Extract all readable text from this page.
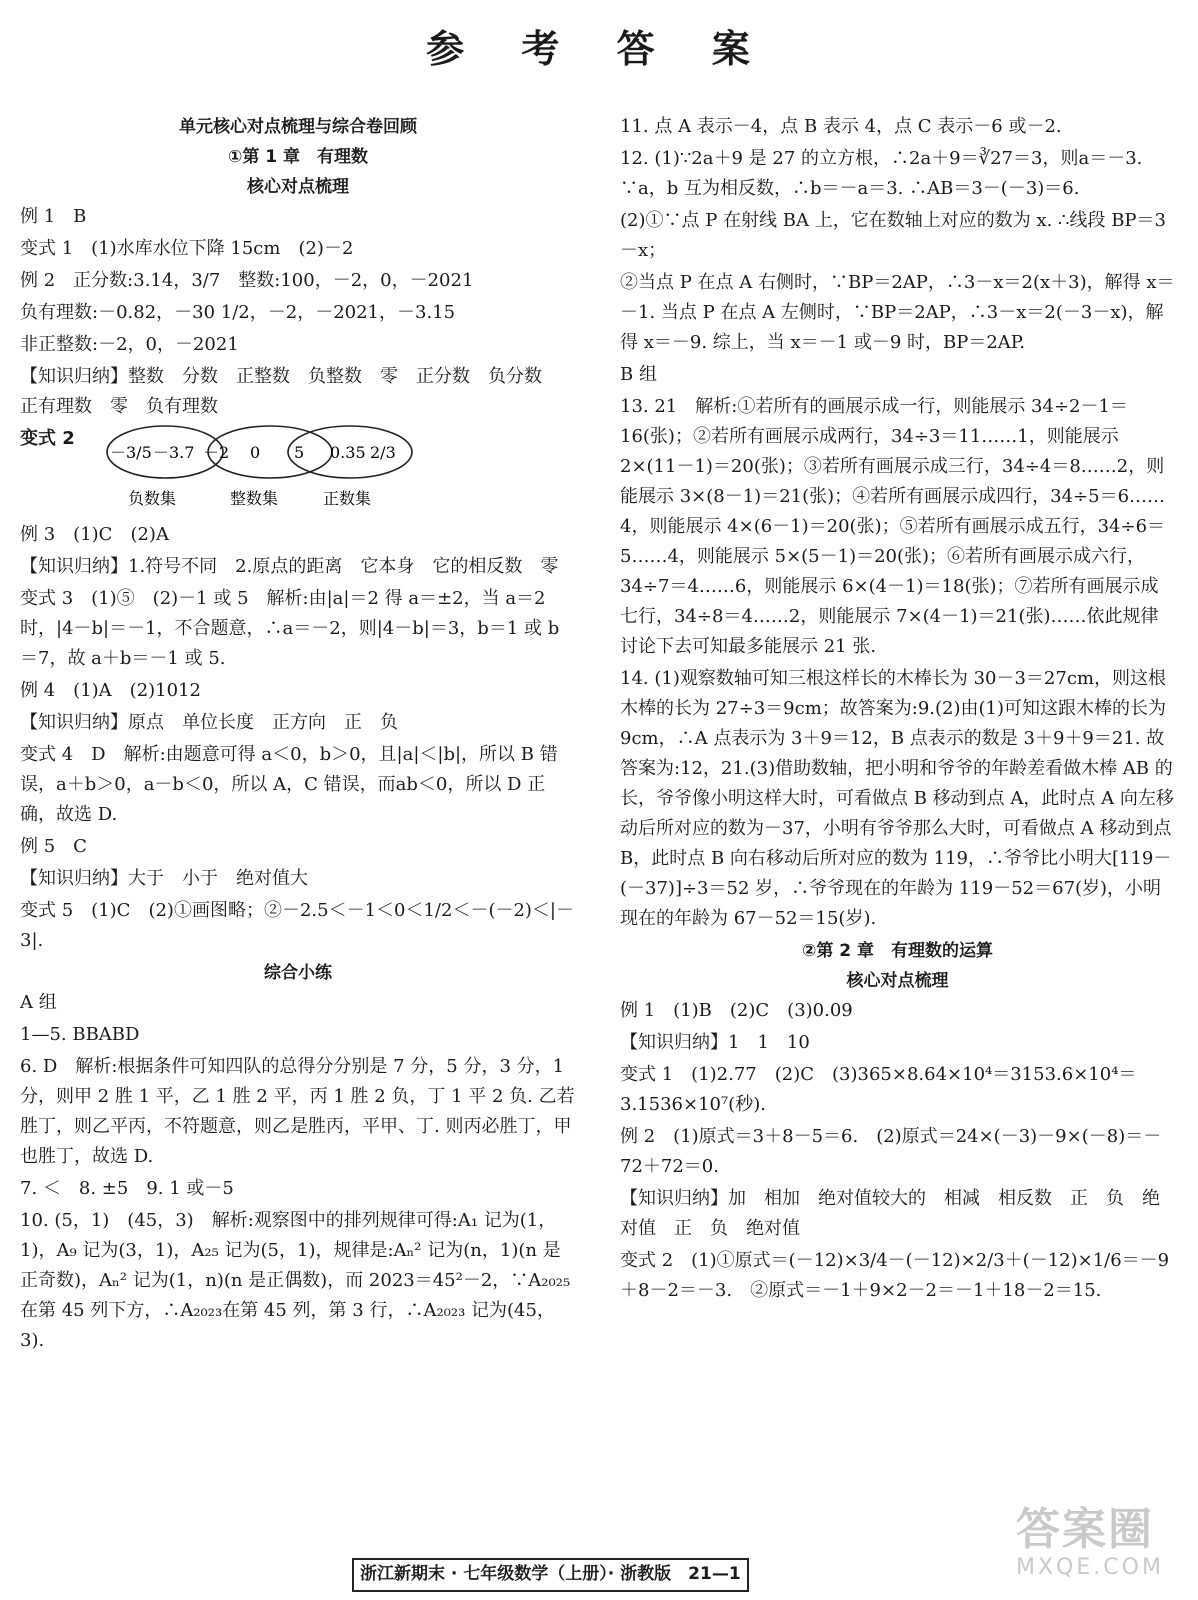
参 考 答 案
单元核心对点梳理与综合卷回顾
①第 1 章　有理数
核心对点梳理
例 1　B
变式 1　(1)水库水位下降 15cm　(2)－2
例 2　正分数:3.14，3/7　整数:100，－2，0，－2021
负有理数:－0.82，－30 1/2，－2，－2021，－3.15
非正整数:－2，0，－2021
【知识归纳】整数　分数　正整数　负整数　零　正分数　负分数　正有理数　零　负有理数
变式 2
－3/5 －3.7 －2 0 5 0.35 2/3
负数集	整数集	正数集
例 3　(1)C　(2)A
【知识归纳】1.符号不同　2.原点的距离　它本身　它的相反数　零
变式 3　(1)⑤　(2)－1 或 5　解析:由|a|＝2 得 a＝±2，当 a＝2时，|4－b|＝－1，不合题意，∴a＝－2，则|4－b|＝3，b＝1 或 b＝7，故 a＋b＝－1 或 5.
例 4　(1)A　(2)1012
【知识归纳】原点　单位长度　正方向　正　负
变式 4　D　解析:由题意可得 a＜0，b＞0，且|a|＜|b|，所以 B 错误，a＋b＞0，a－b＜0，所以 A，C 错误，而ab＜0，所以 D 正确，故选 D.
例 5　C
【知识归纳】大于　小于　绝对值大
变式 5　(1)C　(2)①画图略；②－2.5＜－1＜0＜1/2＜－(－2)＜|－3|.
综合小练
A 组
1—5. BBABD
6. D　解析:根据条件可知四队的总得分分别是 7 分，5 分，3 分，1 分，则甲 2 胜 1 平，乙 1 胜 2 平，丙 1 胜 2 负，丁 1 平 2 负. 乙若胜丁，则乙平丙，不符题意，则乙是胜丙，平甲、丁. 则丙必胜丁，甲也胜丁，故选 D.
7. ＜　8. ±5　9. 1 或－5
10. (5，1)　(45，3)　解析:观察图中的排列规律可得:A₁ 记为(1，1)，A₉ 记为(3，1)，A₂₅ 记为(5，1)，规律是:Aₙ² 记为(n，1)(n 是正奇数)，Aₙ² 记为(1，n)(n 是正偶数)，而 2023＝45²－2，∵A₂₀₂₅在第 45 列下方，∴A₂₀₂₃在第 45 列，第 3 行，∴A₂₀₂₃ 记为(45，3).
11. 点 A 表示－4，点 B 表示 4，点 C 表示－6 或－2.
12. (1)∵2a＋9 是 27 的立方根，∴2a＋9＝∛27＝3，则a＝－3. ∵a，b 互为相反数，∴b＝－a＝3. ∴AB＝3－(－3)＝6.
(2)①∵点 P 在射线 BA 上，它在数轴上对应的数为 x. ∴线段 BP＝3－x；
②当点 P 在点 A 右侧时，∵BP＝2AP，∴3－x＝2(x＋3)，解得 x＝－1. 当点 P 在点 A 左侧时，∵BP＝2AP，∴3－x＝2(－3－x)，解得 x＝－9. 综上，当 x＝－1 或－9 时，BP＝2AP.
B 组
13. 21　解析:①若所有的画展示成一行，则能展示 34÷2－1＝16(张)；②若所有画展示成两行，34÷3＝11……1，则能展示 2×(11－1)＝20(张)；③若所有画展示成三行，34÷4＝8……2，则能展示 3×(8－1)＝21(张)；④若所有画展示成四行，34÷5＝6……4，则能展示 4×(6－1)＝20(张)；⑤若所有画展示成五行，34÷6＝5……4，则能展示 5×(5－1)＝20(张)；⑥若所有画展示成六行，34÷7＝4……6，则能展示 6×(4－1)＝18(张)；⑦若所有画展示成七行，34÷8＝4……2，则能展示 7×(4－1)＝21(张)……依此规律讨论下去可知最多能展示 21 张.
14. (1)观察数轴可知三根这样长的木棒长为 30－3＝27cm，则这根木棒的长为 27÷3＝9cm；故答案为:9.(2)由(1)可知这跟木棒的长为 9cm，∴A 点表示为 3＋9＝12，B 点表示的数是 3＋9＋9＝21. 故答案为:12，21.(3)借助数轴，把小明和爷爷的年龄差看做木棒 AB 的长，爷爷像小明这样大时，可看做点 B 移动到点 A，此时点 A 向左移动后所对应的数为－37，小明有爷爷那么大时，可看做点 A 移动到点 B，此时点 B 向右移动后所对应的数为 119，∴爷爷比小明大[119－(－37)]÷3＝52 岁，∴爷爷现在的年龄为 119－52＝67(岁)，小明现在的年龄为 67－52＝15(岁).
②第 2 章　有理数的运算
核心对点梳理
例 1　(1)B　(2)C　(3)0.09
【知识归纳】1　1　10
变式 1　(1)2.77　(2)C　(3)365×8.64×10⁴＝3153.6×10⁴＝3.1536×10⁷(秒).
例 2　(1)原式＝3＋8－5＝6.　(2)原式＝24×(－3)－9×(－8)＝－72＋72＝0.
【知识归纳】加　相加　绝对值较大的　相减　相反数　正　负　绝对值　正　负　绝对值
变式 2　(1)①原式＝(－12)×3/4－(－12)×2/3＋(－12)×1/6＝－9＋8－2＝－3.　②原式＝－1＋9×2－2＝－1＋18－2＝15.
浙江新期末 · 七年级数学（上册）· 浙教版　21—1
答案圈
MXQE.COM
